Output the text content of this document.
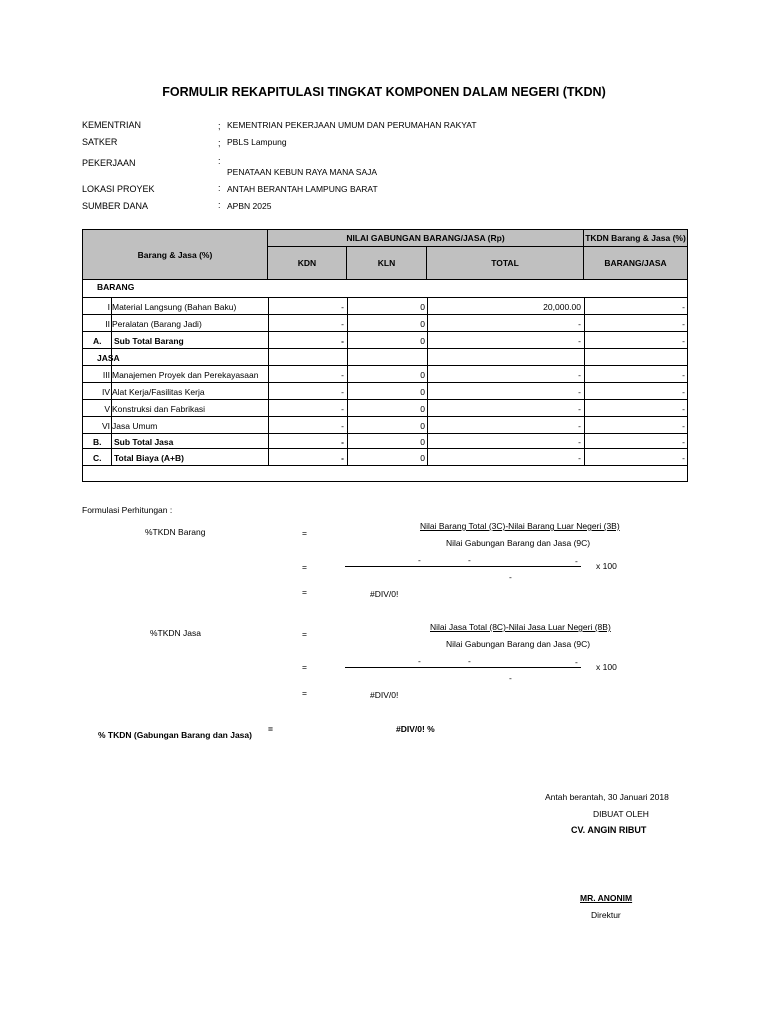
FORMULIR REKAPITULASI TINGKAT KOMPONEN DALAM NEGERI (TKDN)
KEMENTRIAN	; KEMENTRIAN PEKERJAAN UMUM DAN PERUMAHAN RAKYAT
SATKER	; PBLS Lampung
PEKERJAAN	:
PENATAAN KEBUN RAYA MANA SAJA
LOKASI PROYEK	: ANTAH BERANTAH LAMPUNG BARAT
SUMBER DANA	: APBN 2025
Barang & Jasa (%)
NILAI GABUNGAN BARANG/JASA (Rp)	TKDN Barang & Jasa (%)
KDN	KLN	TOTAL	BARANG/JASA
BARANG
I Material Langsung (Bahan Baku)	-	0	20,000.00	-
II Peralatan (Barang Jadi)	-	0	-	-
A. Sub Total Barang	-	0	-	-
JASA
III Manajemen Proyek dan Perekayasaan	-	0	-	-
IV Alat Kerja/Fasilitas Kerja	-	0	-	-
V Konstruksi dan Fabrikasi	-	0	-	-
VI Jasa Umum	-	0	-	-
B. Sub Total Jasa	-	0	-	-
C. Total Biaya (A+B)	-	0	-	-
Formulasi Perhitungan :
%TKDN Barang	=
Nilai Barang Total (3C)-Nilai Barang Luar Negeri (3B)
Nilai Gabungan Barang dan Jasa (9C)
=
-	-	- x 100
-
=	#DIV/0!
%TKDN Jasa	=
Nilai Jasa Total (8C)-Nilai Jasa Luar Negeri (8B)
Nilai Gabungan Barang dan Jasa (9C)
=
-	-	- x 100
-
=	#DIV/0!
% TKDN (Gabungan Barang dan Jasa)
=	#DIV/0! %
Antah berantah, 30 Januari 2018
DIBUAT OLEH
CV. ANGIN RIBUT
MR. ANONIM
Direktur
